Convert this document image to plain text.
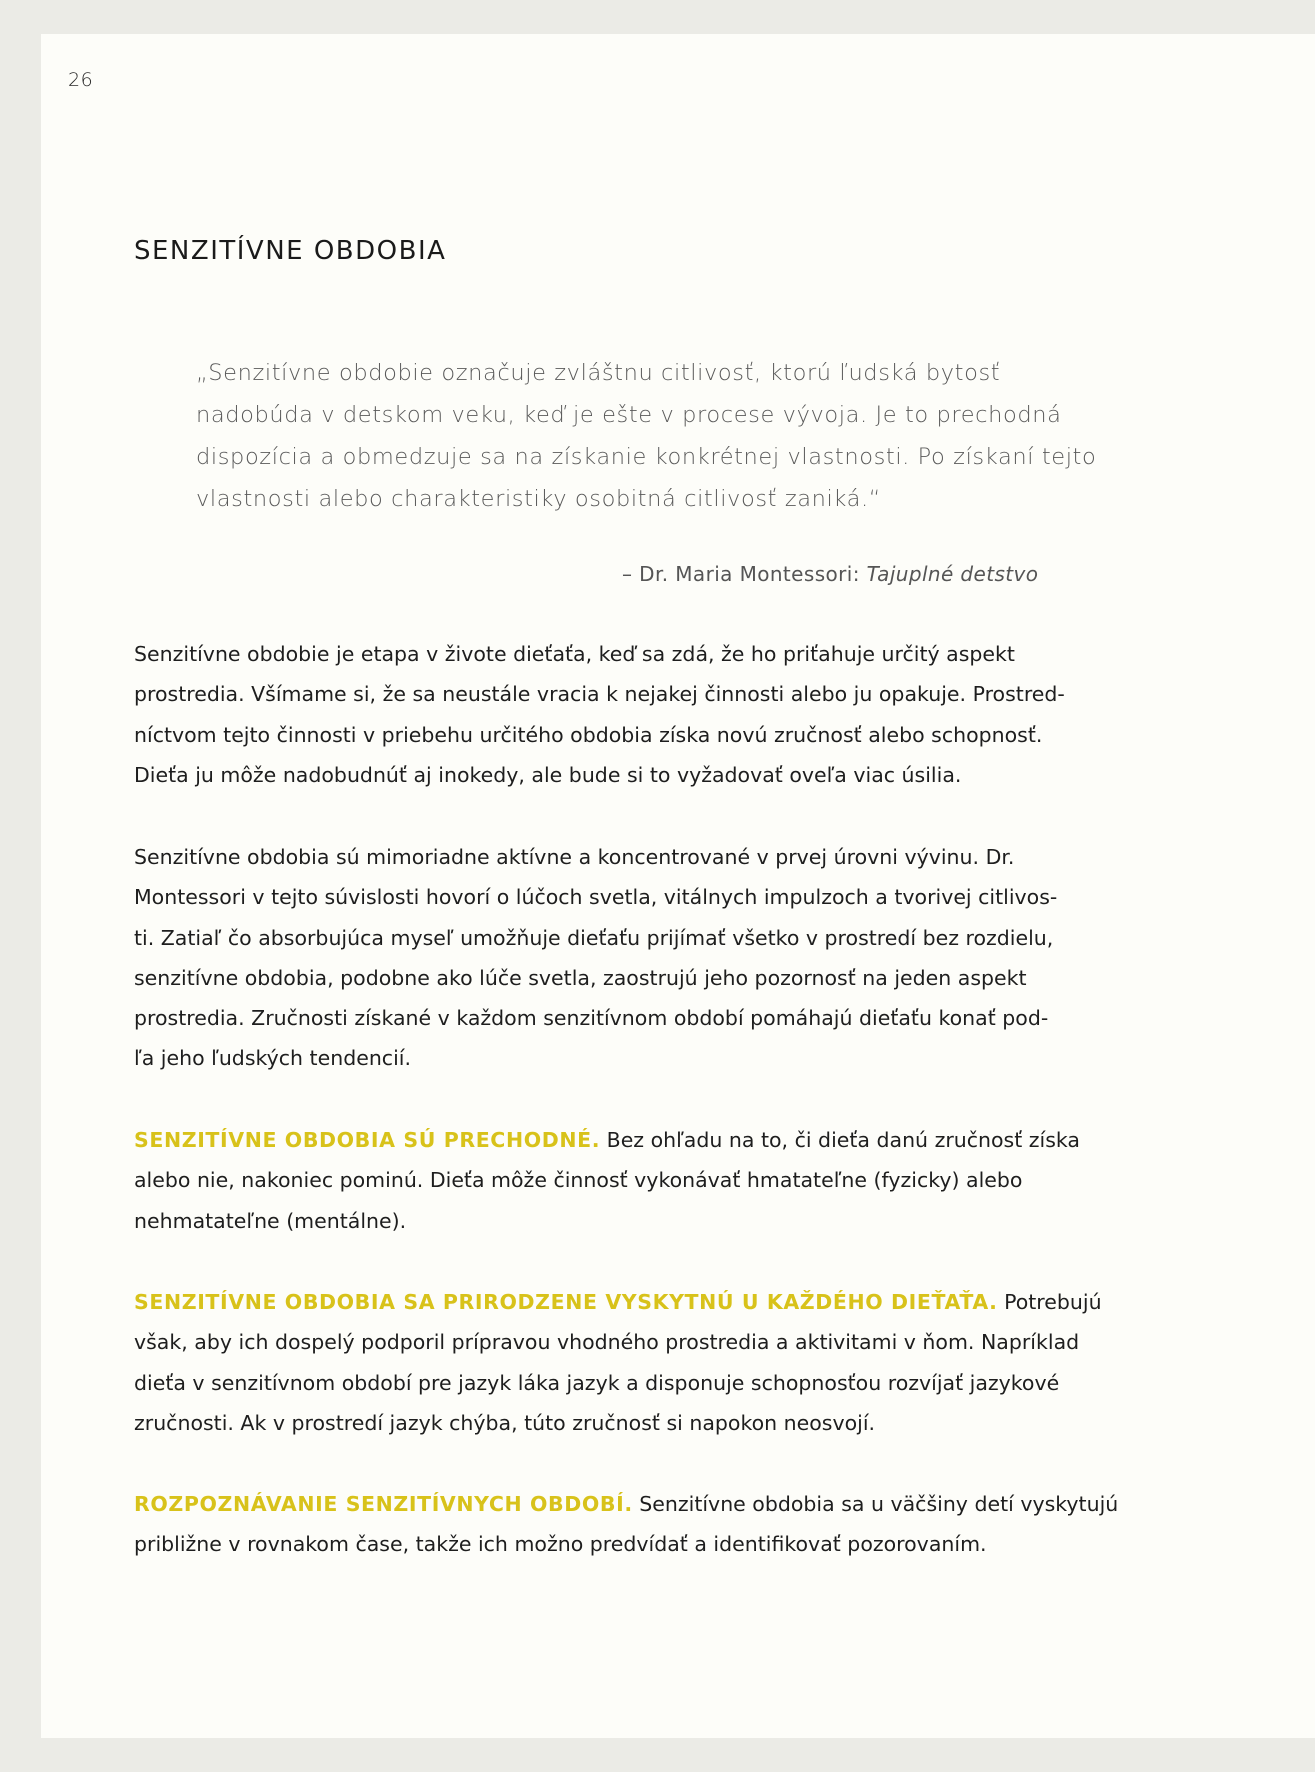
26
SENZITÍVNE OBDOBIA
„Senzitívne obdobie označuje zvláštnu citlivosť, ktorú ľudská bytosť
nadobúda v detskom veku, keď je ešte v procese vývoja. Je to prechodná
dispozícia a obmedzuje sa na získanie konkrétnej vlastnosti. Po získaní tejto
vlastnosti alebo charakteristiky osobitná citlivosť zaniká.“
– Dr. Maria Montessori: Tajuplné detstvo
Senzitívne obdobie je etapa v živote dieťaťa, keď sa zdá, že ho priťahuje určitý aspekt
prostredia. Všímame si, že sa neustále vracia k nejakej činnosti alebo ju opakuje. Prostred-
níctvom tejto činnosti v priebehu určitého obdobia získa novú zručnosť alebo schopnosť.
Dieťa ju môže nadobudnúť aj inokedy, ale bude si to vyžadovať oveľa viac úsilia.
Senzitívne obdobia sú mimoriadne aktívne a koncentrované v prvej úrovni vývinu. Dr.
Montessori v tejto súvislosti hovorí o lúčoch svetla, vitálnych impulzoch a tvorivej citlivos-
ti. Zatiaľ čo absorbujúca myseľ umožňuje dieťaťu prijímať všetko v prostredí bez rozdielu,
senzitívne obdobia, podobne ako lúče svetla, zaostrujú jeho pozornosť na jeden aspekt
prostredia. Zručnosti získané v každom senzitívnom období pomáhajú dieťaťu konať pod-
ľa jeho ľudských tendencií.
SENZITÍVNE OBDOBIA SÚ PRECHODNÉ. Bez ohľadu na to, či dieťa danú zručnosť získa
alebo nie, nakoniec pominú. Dieťa môže činnosť vykonávať hmatateľne (fyzicky) alebo
nehmatateľne (mentálne).
SENZITÍVNE OBDOBIA SA PRIRODZENE VYSKYTNÚ U KAŽDÉHO DIEŤAŤA. Potrebujú
však, aby ich dospelý podporil prípravou vhodného prostredia a aktivitami v ňom. Napríklad
dieťa v senzitívnom období pre jazyk láka jazyk a disponuje schopnosťou rozvíjať jazykové
zručnosti. Ak v prostredí jazyk chýba, túto zručnosť si napokon neosvojí.
ROZPOZNÁVANIE SENZITÍVNYCH OBDOBÍ. Senzitívne obdobia sa u väčšiny detí vyskytujú
približne v rovnakom čase, takže ich možno predvídať a identifikovať pozorovaním.
